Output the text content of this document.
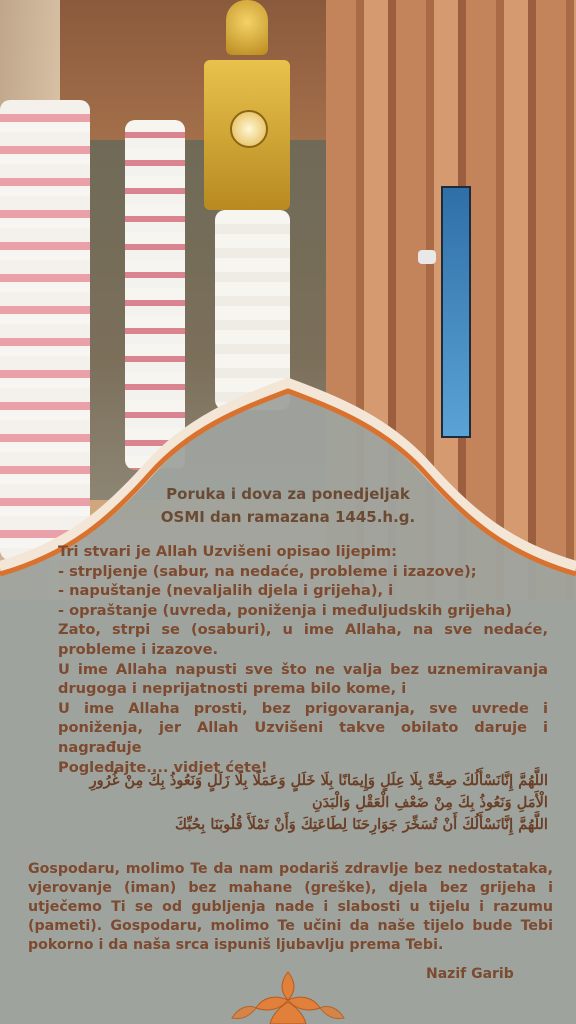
Poruka i dova za ponedjeljak
OSMI dan ramazana 1445.h.g.
Tri stvari je Allah Uzvišeni opisao lijepim:
- strpljenje (sabur, na nedaće, probleme i izazove);
- napuštanje (nevaljalih djela i grijeha), i
- opraštanje (uvreda, poniženja i međuljudskih grijeha)
Zato, strpi se (osaburi), u ime Allaha, na sve nedaće,
probleme i izazove.
U ime Allaha napusti sve što ne valja bez uznemiravanja
drugoga i neprijatnosti prema bilo kome, i
U ime Allaha prosti, bez prigovaranja, sve uvrede i
poniženja, jer Allah Uzvišeni takve obilato daruje i
nagrađuje
Pogledajte.... vidjet ćete!
اللَّهُمَّ إِنَّانَسْأَلُكَ صِحَّةً بِلَا عِلَلٍ وَإِيمَانًا بِلَا خَلَلٍ وَعَمَلًا بِلَا زَلَلٍ وَنَعُوذُ بِكَ مِنْ غُرُورِ
الْأَمَلِ وَنَعُوذُ بِكَ مِنْ ضَعْفِ الْعَقْلِ وَالْبَدَنِ
اللَّهُمَّ إِنَّانَسْأَلُكَ أَنْ تُسَخِّرَ جَوَارِحَنَا لِطَاعَتِكَ وَأَنْ تَمْلَأَ قُلُوبَنَا بِحُبِّكَ
Gospodaru, molimo Te da nam podariš zdravlje bez nedostataka,
vjerovanje (iman) bez mahane (greške), djela bez grijeha i
utječemo Ti se od gubljenja nade i slabosti u tijelu i razumu
(pameti). Gospodaru, molimo Te učini da naše tijelo bude Tebi
pokorno i da naša srca ispuniš ljubavlju prema Tebi.
Nazif Garib
